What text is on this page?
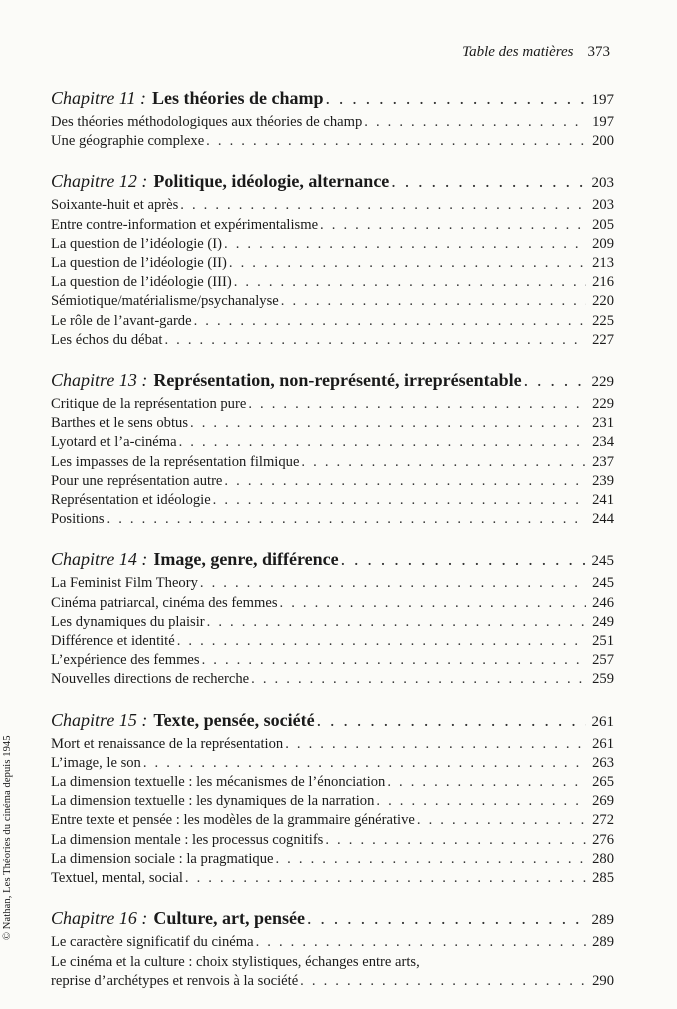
Table des matières 373
© Nathan, Les Théories du cinéma depuis 1945
Chapitre 11 : Les théories de champ . . .	197
Des théories méthodologiques aux théories de champ . . .	197
Une géographie complexe . . .	200
Chapitre 12 : Politique, idéologie, alternance . . .	203
Soixante-huit et après . . .	203
Entre contre-information et expérimentalisme . . .	205
La question de l’idéologie (I) . . .	209
La question de l’idéologie (II) . . .	213
La question de l’idéologie (III) . . .	216
Sémiotique/matérialisme/psychanalyse . . .	220
Le rôle de l’avant-garde . . .	225
Les échos du débat . . .	227
Chapitre 13 : Représentation, non-représenté, irreprésentable . . .	229
Critique de la représentation pure . . .	229
Barthes et le sens obtus . . .	231
Lyotard et l’a-cinéma . . .	234
Les impasses de la représentation filmique . . .	237
Pour une représentation autre . . .	239
Représentation et idéologie . . .	241
Positions . . .	244
Chapitre 14 : Image, genre, différence . . .	245
La Feminist Film Theory . . .	245
Cinéma patriarcal, cinéma des femmes . . .	246
Les dynamiques du plaisir . . .	249
Différence et identité . . .	251
L’expérience des femmes . . .	257
Nouvelles directions de recherche . . .	259
Chapitre 15 : Texte, pensée, société . . .	261
Mort et renaissance de la représentation . . .	261
L’image, le son . . .	263
La dimension textuelle : les mécanismes de l’énonciation . . .	265
La dimension textuelle : les dynamiques de la narration . . .	269
Entre texte et pensée : les modèles de la grammaire générative . . .	272
La dimension mentale : les processus cognitifs . . .	276
La dimension sociale : la pragmatique . . .	280
Textuel, mental, social . . .	285
Chapitre 16 : Culture, art, pensée . . .	289
Le caractère significatif du cinéma . . .	289
Le cinéma et la culture : choix stylistiques, échanges entre arts,
reprise d’archétypes et renvois à la société . . .	290
